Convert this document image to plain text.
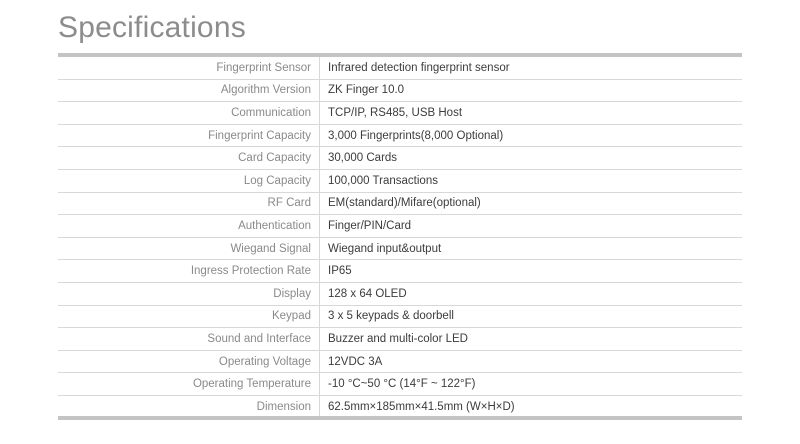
Specifications
Fingerprint Sensor	Infrared detection fingerprint sensor
Algorithm Version	ZK Finger 10.0
Communication	TCP/IP, RS485, USB Host
Fingerprint Capacity	3,000 Fingerprints(8,000 Optional)
Card Capacity	30,000 Cards
Log Capacity	100,000 Transactions
RF Card	EM(standard)/Mifare(optional)
Authentication	Finger/PIN/Card
Wiegand Signal	Wiegand input&output
Ingress Protection Rate	IP65
Display	128 x 64 OLED
Keypad	3 x 5 keypads & doorbell
Sound and Interface	Buzzer and multi-color LED
Operating Voltage	12VDC 3A
Operating Temperature	-10 °C~50 °C (14°F ~ 122°F)
Dimension	62.5mm×185mm×41.5mm (W×H×D)
